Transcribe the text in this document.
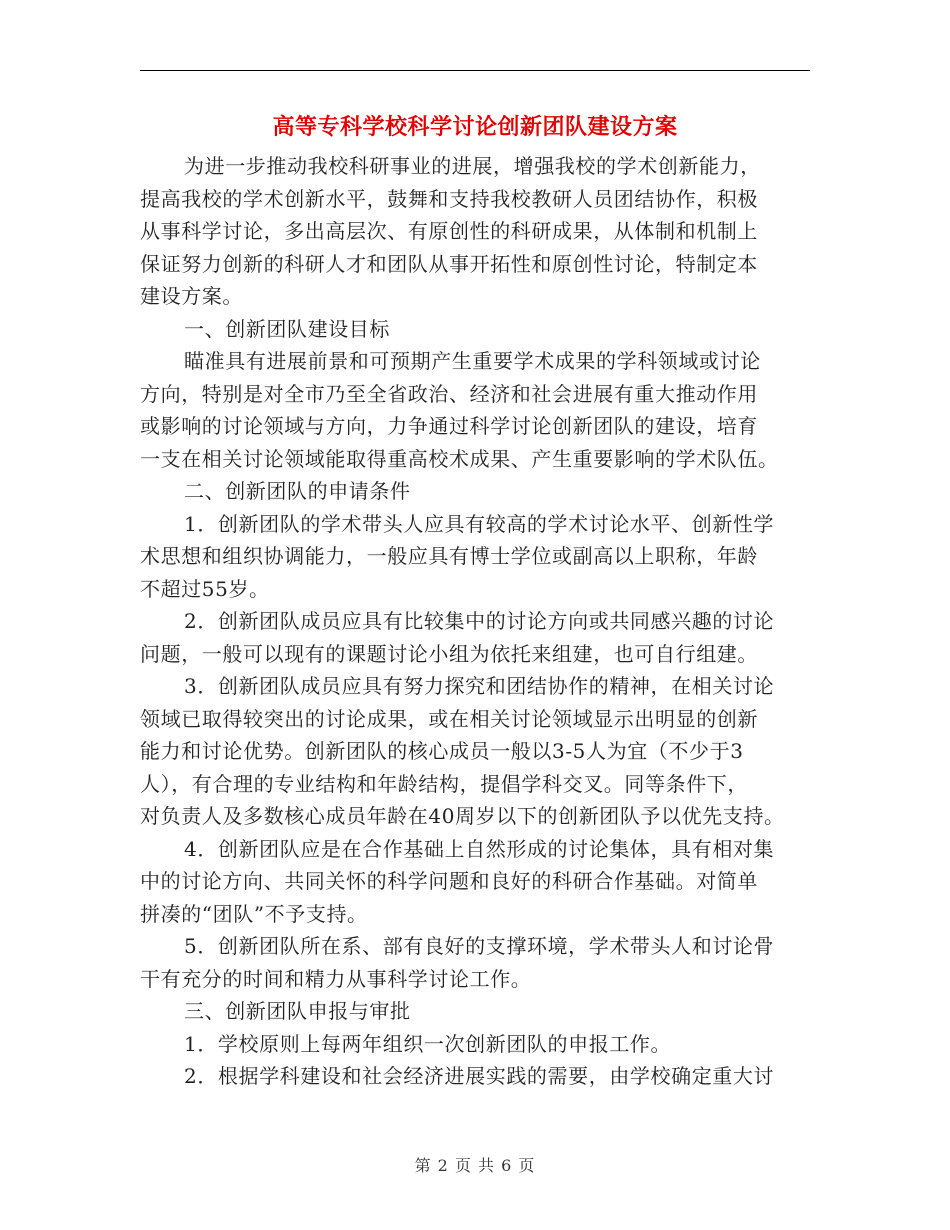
高等专科学校科学讨论创新团队建设方案
为进一步推动我校科研事业的进展，增强我校的学术创新能力，
提高我校的学术创新水平，鼓舞和支持我校教研人员团结协作，积极
从事科学讨论，多出高层次、有原创性的科研成果，从体制和机制上
保证努力创新的科研人才和团队从事开拓性和原创性讨论，特制定本
建设方案。
一、创新团队建设目标
瞄准具有进展前景和可预期产生重要学术成果的学科领域或讨论
方向，特别是对全市乃至全省政治、经济和社会进展有重大推动作用
或影响的讨论领域与方向，力争通过科学讨论创新团队的建设，培育
一支在相关讨论领域能取得重高校术成果、产生重要影响的学术队伍。
二、创新团队的申请条件
1．创新团队的学术带头人应具有较高的学术讨论水平、创新性学
术思想和组织协调能力，一般应具有博士学位或副高以上职称，年龄
不超过55岁。
2．创新团队成员应具有比较集中的讨论方向或共同感兴趣的讨论
问题，一般可以现有的课题讨论小组为依托来组建，也可自行组建。
3．创新团队成员应具有努力探究和团结协作的精神，在相关讨论
领域已取得较突出的讨论成果，或在相关讨论领域显示出明显的创新
能力和讨论优势。创新团队的核心成员一般以3-5人为宜（不少于3
人），有合理的专业结构和年龄结构，提倡学科交叉。同等条件下，
对负责人及多数核心成员年龄在40周岁以下的创新团队予以优先支持。
4．创新团队应是在合作基础上自然形成的讨论集体，具有相对集
中的讨论方向、共同关怀的科学问题和良好的科研合作基础。对简单
拼凑的“团队”不予支持。
5．创新团队所在系、部有良好的支撑环境，学术带头人和讨论骨
干有充分的时间和精力从事科学讨论工作。
三、创新团队申报与审批
1．学校原则上每两年组织一次创新团队的申报工作。
2．根据学科建设和社会经济进展实践的需要，由学校确定重大讨
第 2 页 共 6 页
